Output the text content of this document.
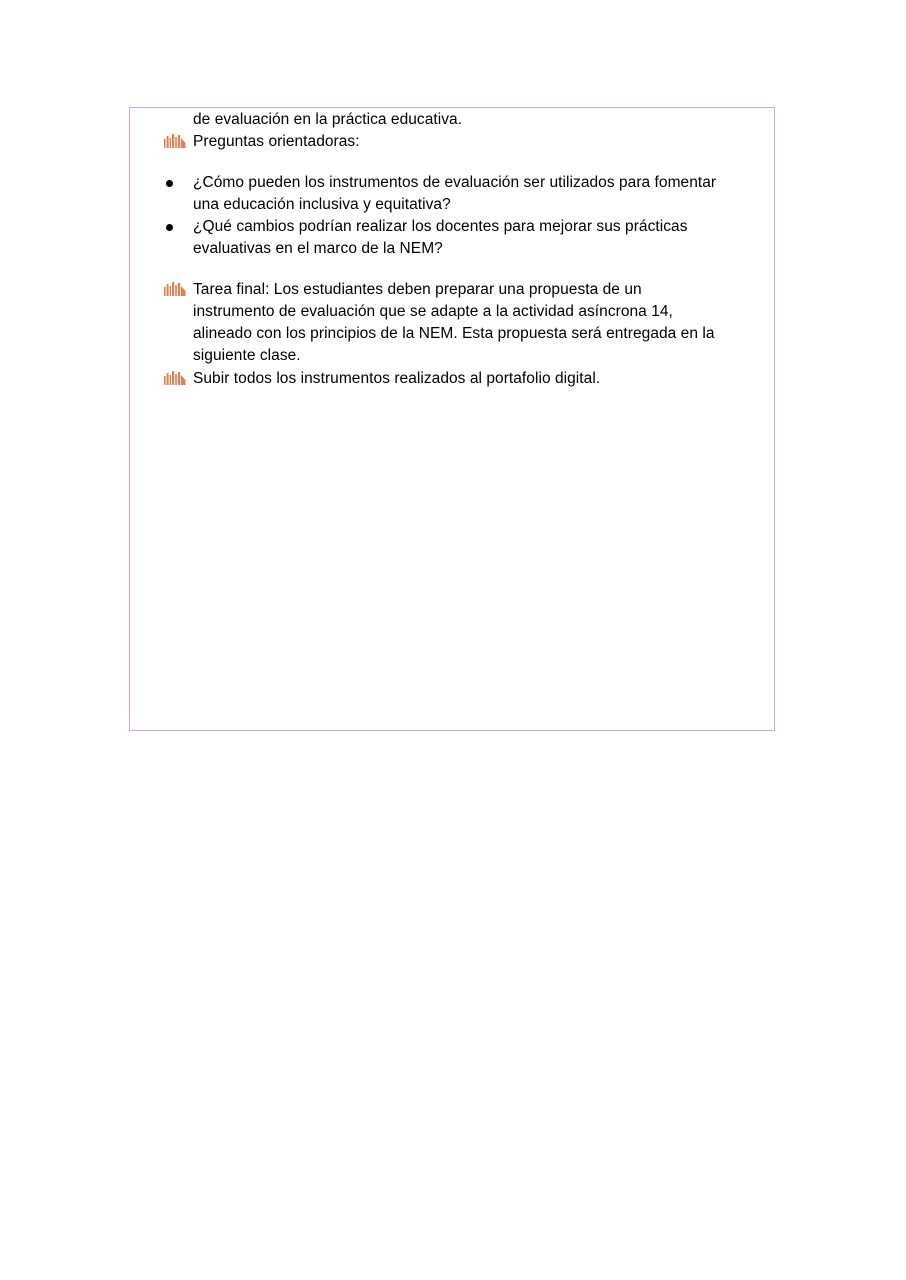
de evaluación en la práctica educativa.
Preguntas orientadoras:
¿Cómo pueden los instrumentos de evaluación ser utilizados para fomentar
una educación inclusiva y equitativa?
¿Qué cambios podrían realizar los docentes para mejorar sus prácticas
evaluativas en el marco de la NEM?
Tarea final: Los estudiantes deben preparar una propuesta de un
instrumento de evaluación que se adapte a la actividad asíncrona 14,
alineado con los principios de la NEM. Esta propuesta será entregada en la
siguiente clase.
Subir todos los instrumentos realizados al portafolio digital.
